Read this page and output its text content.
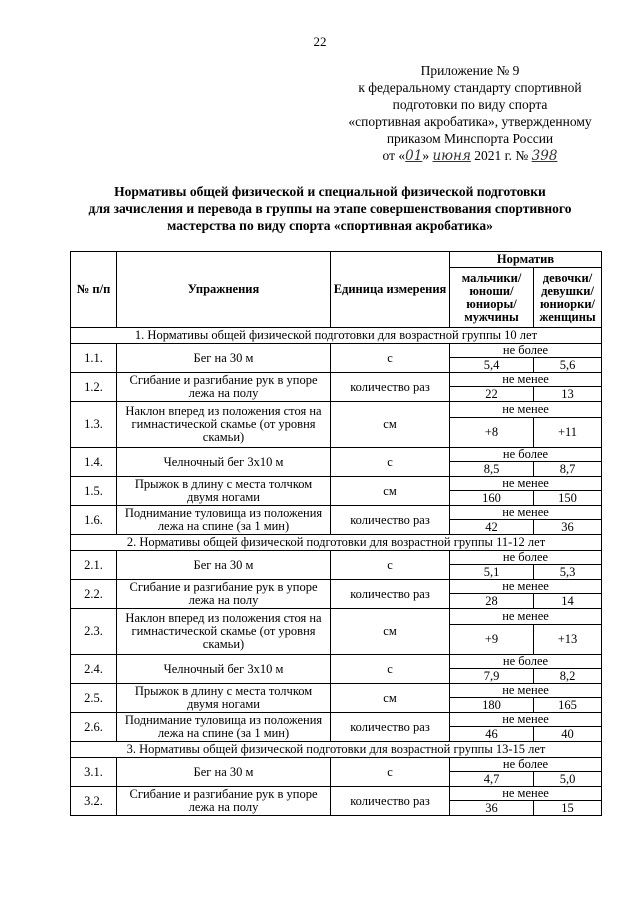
22
Приложение № 9
к федеральному стандарту спортивной
подготовки по виду спорта
«спортивная акробатика», утвержденному
приказом Минспорта России
от «01» июня 2021 г. № 398
Нормативы общей физической и специальной физической подготовки
для зачисления и перевода в группы на этапе совершенствования спортивного
мастерства по виду спорта «спортивная акробатика»
№ п/п	Упражнения	Единица измерения	Норматив	
			мальчики/ юноши/ юниоры/ мужчины	девочки/ девушки/ юниорки/ женщины
1. Нормативы общей физической подготовки для возрастной группы 10 лет				
1.1.	Бег на 30 м	с	не более	
			5,4	5,6
1.2.	Сгибание и разгибание рук в упоре лежа на полу	количество раз	не менее	
			22	13
1.3.	Наклон вперед из положения стоя на гимнастической скамье (от уровня скамьи)	см	не менее	
			+8	+11
1.4.	Челночный бег 3х10 м	с	не более	
			8,5	8,7
1.5.	Прыжок в длину с места толчком двумя ногами	см	не менее	
			160	150
1.6.	Поднимание туловища из положения лежа на спине (за 1 мин)	количество раз	не менее	
			42	36
2. Нормативы общей физической подготовки для возрастной группы 11-12 лет				
2.1.	Бег на 30 м	с	не более	
			5,1	5,3
2.2.	Сгибание и разгибание рук в упоре лежа на полу	количество раз	не менее	
			28	14
2.3.	Наклон вперед из положения стоя на гимнастической скамье (от уровня скамьи)	см	не менее	
			+9	+13
2.4.	Челночный бег 3х10 м	с	не более	
			7,9	8,2
2.5.	Прыжок в длину с места толчком двумя ногами	см	не менее	
			180	165
2.6.	Поднимание туловища из положения лежа на спине (за 1 мин)	количество раз	не менее	
			46	40
3. Нормативы общей физической подготовки для возрастной группы 13-15 лет				
3.1.	Бег на 30 м	с	не более	
			4,7	5,0
3.2.	Сгибание и разгибание рук в упоре лежа на полу	количество раз	не менее	
			36	15
